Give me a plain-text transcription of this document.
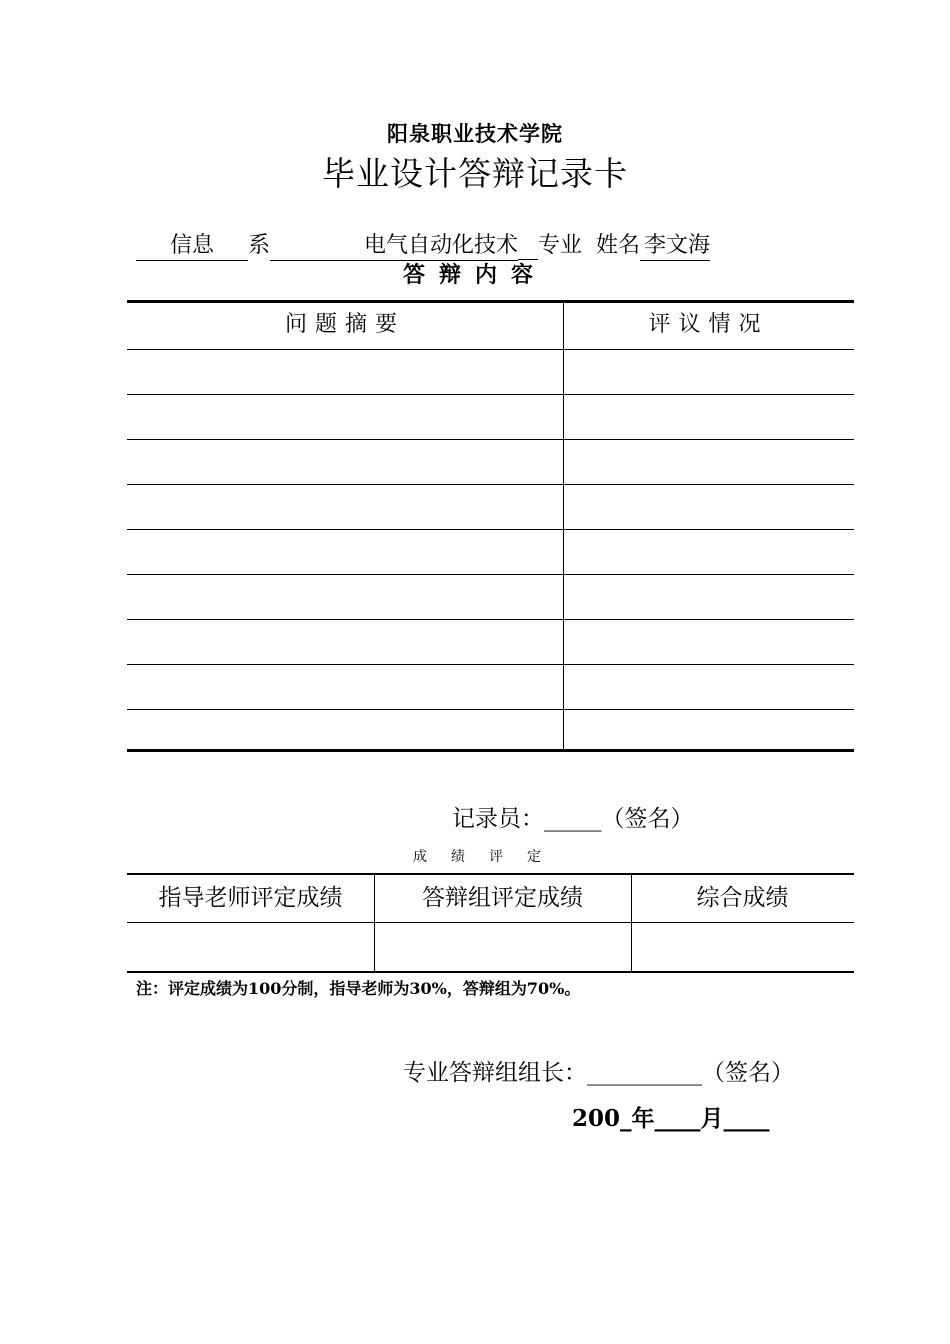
阳泉职业技术学院
毕业设计答辩记录卡
信息 系	电气自动化技术 专业 姓名 李文海
答辩内容
问题摘要	评议情况
记录员：_____（签名）
成绩评定
指导老师评定成绩	答辩组评定成绩	综合成绩
注：评定成绩为100分制，指导老师为30%，答辩组为70%。
专业答辩组组长：__________（签名）
200_年____月____
